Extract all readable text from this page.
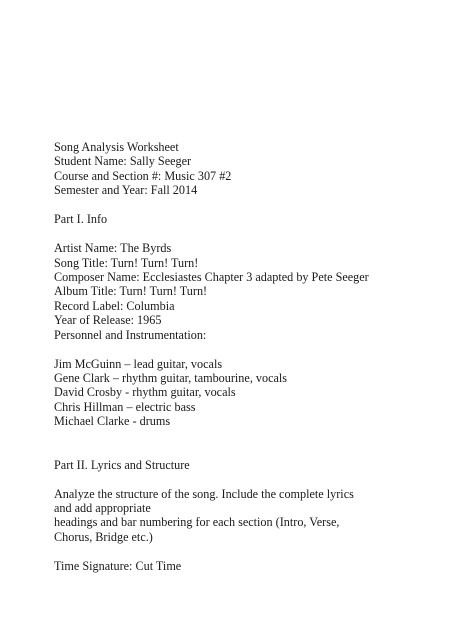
Song Analysis Worksheet
Student Name: Sally Seeger
Course and Section #: Music 307 #2
Semester and Year: Fall 2014
Part I. Info
Artist Name: The Byrds
Song Title: Turn! Turn! Turn!
Composer Name: Ecclesiastes Chapter 3 adapted by Pete Seeger
Album Title: Turn! Turn! Turn!
Record Label: Columbia
Year of Release: 1965
Personnel and Instrumentation:
Jim McGuinn – lead guitar, vocals
Gene Clark – rhythm guitar, tambourine, vocals
David Crosby - rhythm guitar, vocals
Chris Hillman – electric bass
Michael Clarke - drums
Part II. Lyrics and Structure
Analyze the structure of the song. Include the complete lyrics
and add appropriate
headings and bar numbering for each section (Intro, Verse,
Chorus, Bridge etc.)
Time Signature: Cut Time
